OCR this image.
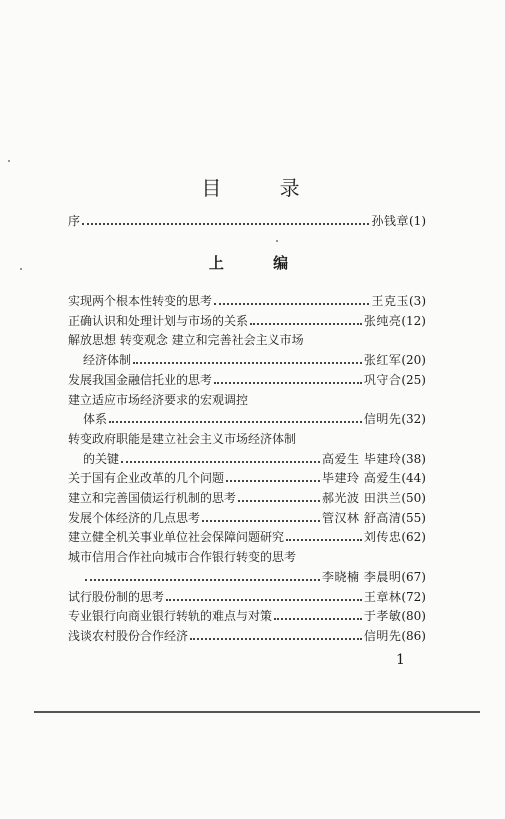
目 录
序	孙钱章 (1)
上 编
实现两个根本性转变的思考	王克玉 (3)
正确认识和处理计划与市场的关系	张纯亮 (12)
解放思想 转变观念 建立和完善社会主义市场
经济体制	张红军 (20)
发展我国金融信托业的思考	巩守合 (25)
建立适应市场经济要求的宏观调控
体系	信明先 (32)
转变政府职能是建立社会主义市场经济体制
的关键	高爱生 毕建玲 (38)
关于国有企业改革的几个问题	毕建玲 高爱生 (44)
建立和完善国债运行机制的思考	郝光波 田洪兰 (50)
发展个体经济的几点思考	管汉林 舒高清 (55)
建立健全机关事业单位社会保障问题研究	刘传忠 (62)
城市信用合作社向城市合作银行转变的思考
李晓楠 李晨明 (67)
试行股份制的思考	王章林 (72)
专业银行向商业银行转轨的难点与对策	于孝敏 (80)
浅谈农村股份合作经济	信明先 (86)
1
